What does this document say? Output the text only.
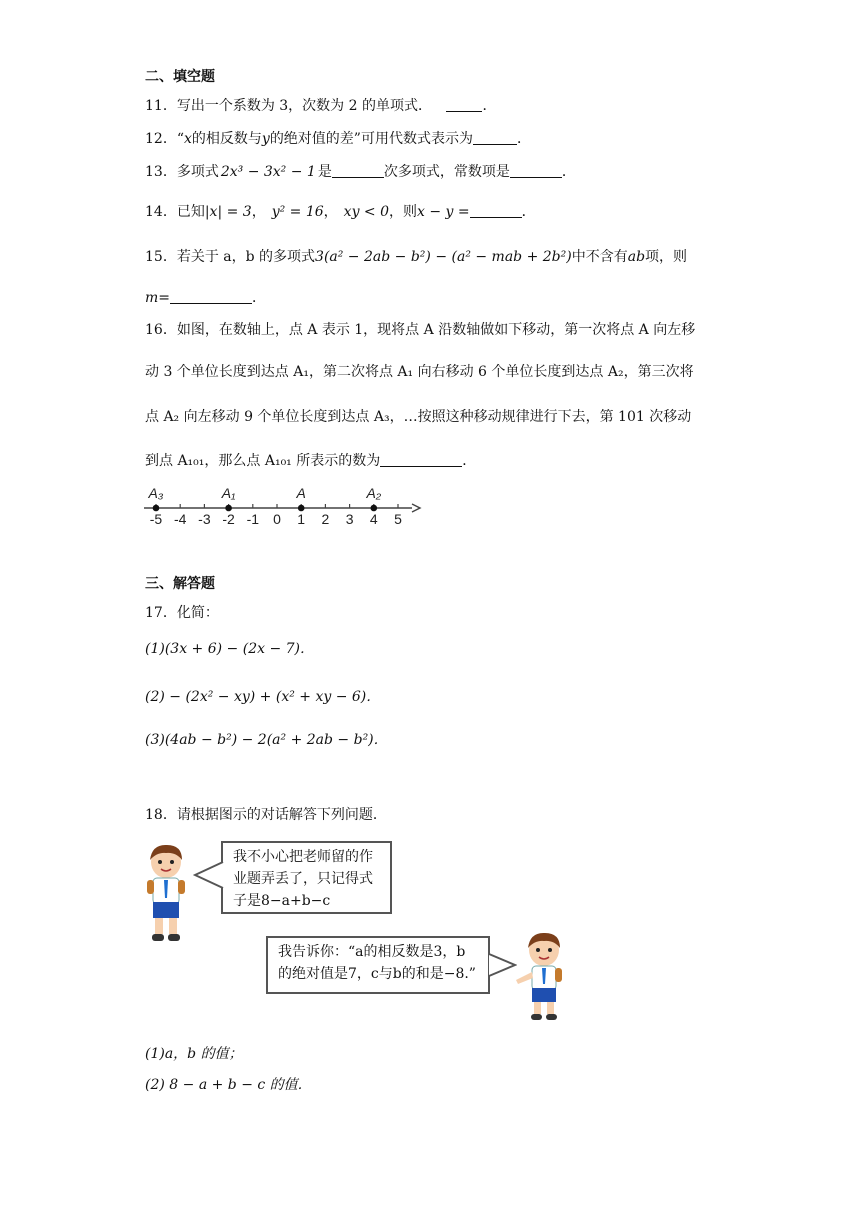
二、填空题
11．写出一个系数为 3，次数为 2 的单项式．	．
12．“x的相反数与y的绝对值的差”可用代数式表示为	．
13．多项式 2x³ − 3x² − 1 是	次多项式，常数项是	．
14．已知|x| = 3， y² = 16， xy < 0，则x − y =	．
15．若关于 a，b 的多项式3(a² − 2ab − b²) − (a² − mab + 2b²)中不含有ab项，则
m=	．
16．如图，在数轴上，点 A 表示 1，现将点 A 沿数轴做如下移动，第一次将点 A 向左移
动 3 个单位长度到达点 A₁，第二次将点 A₁ 向右移动 6 个单位长度到达点 A₂，第三次将
点 A₂ 向左移动 9 个单位长度到达点 A₃，…按照这种移动规律进行下去，第 101 次移动
到点 A₁₀₁，那么点 A₁₀₁ 所表示的数为	．
-5 -4 -3 -2 -1 0 1 2 3 4 5
A₃	A₁	A	A₂
三、解答题
17．化简：
(1)(3x + 6) − (2x − 7)．
(2) − (2x² − xy) + (x² + xy − 6)．
(3)(4ab − b²) − 2(a² + 2ab − b²)．
18．请根据图示的对话解答下列问题．
我不小心把老师留的作业题弄丢了，只记得式子是8−a+b−c
我告诉你：“a的相反数是3，b的绝对值是7，c与b的和是−8.”
(1)a，b 的值；
(2) 8 − a + b − c 的值．
